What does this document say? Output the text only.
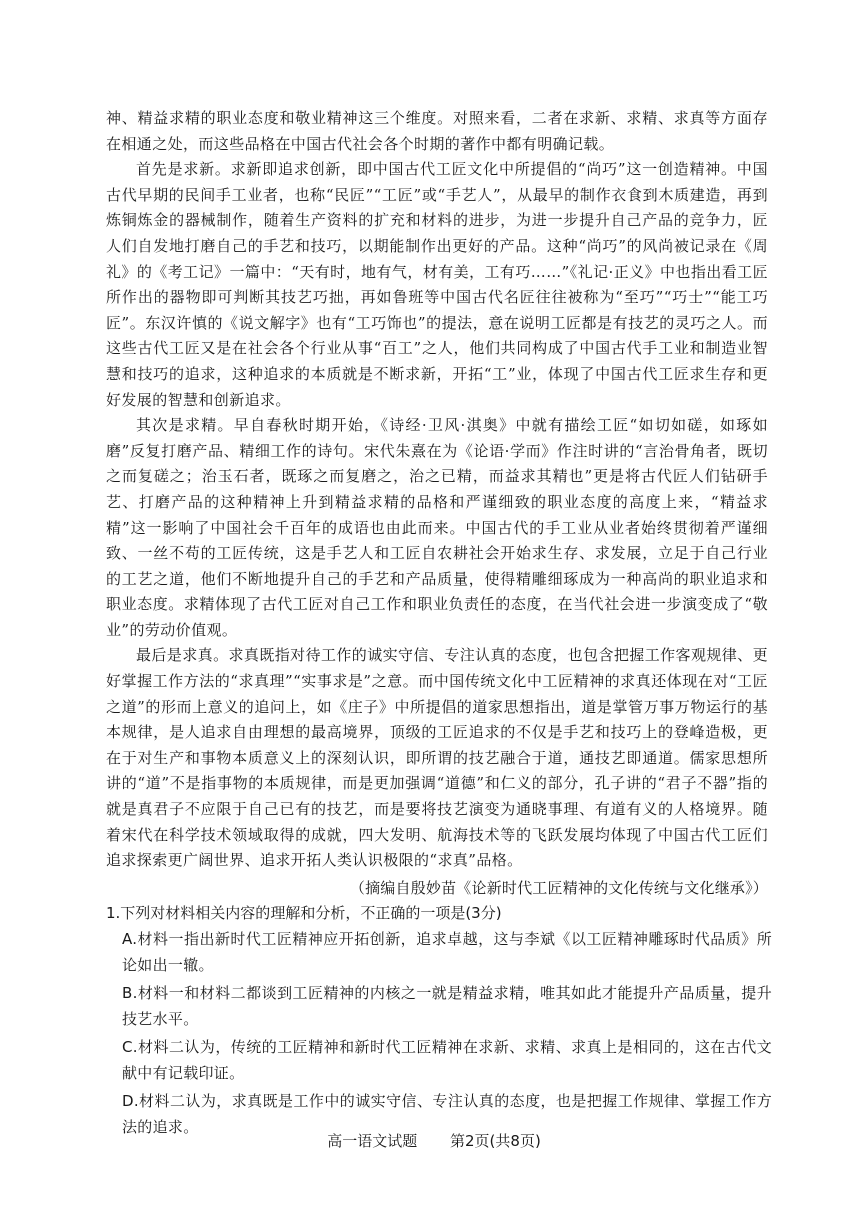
神、精益求精的职业态度和敬业精神这三个维度。对照来看，二者在求新、求精、求真等方面存在相通之处，而这些品格在中国古代社会各个时期的著作中都有明确记载。

首先是求新。求新即追求创新，即中国古代工匠文化中所提倡的“尚巧”这一创造精神。中国古代早期的民间手工业者，也称“民匠”“工匠”或“手艺人”，从最早的制作衣食到木质建造，再到炼铜炼金的器械制作，随着生产资料的扩充和材料的进步，为进一步提升自己产品的竞争力，匠人们自发地打磨自己的手艺和技巧，以期能制作出更好的产品。这种“尚巧”的风尚被记录在《周礼》的《考工记》一篇中：“天有时，地有气，材有美，工有巧……”《礼记·正义》中也指出看工匠所作出的器物即可判断其技艺巧拙，再如鲁班等中国古代名匠往往被称为“至巧”“巧士”“能工巧匠”。东汉许慎的《说文解字》也有“工巧饰也”的提法，意在说明工匠都是有技艺的灵巧之人。而这些古代工匠又是在社会各个行业从事“百工”之人，他们共同构成了中国古代手工业和制造业智慧和技巧的追求，这种追求的本质就是不断求新，开拓“工”业，体现了中国古代工匠求生存和更好发展的智慧和创新追求。

其次是求精。早自春秋时期开始，《诗经·卫风·淇奥》中就有描绘工匠“如切如磋，如琢如磨”反复打磨产品、精细工作的诗句。宋代朱熹在为《论语·学而》作注时讲的“言治骨角者，既切之而复磋之；治玉石者，既琢之而复磨之，治之已精，而益求其精也”更是将古代匠人们钻研手艺、打磨产品的这种精神上升到精益求精的品格和严谨细致的职业态度的高度上来，“精益求精”这一影响了中国社会千百年的成语也由此而来。中国古代的手工业从业者始终贯彻着严谨细致、一丝不苟的工匠传统，这是手艺人和工匠自农耕社会开始求生存、求发展，立足于自己行业的工艺之道，他们不断地提升自己的手艺和产品质量，使得精雕细琢成为一种高尚的职业追求和职业态度。求精体现了古代工匠对自己工作和职业负责任的态度，在当代社会进一步演变成了“敬业”的劳动价值观。

最后是求真。求真既指对待工作的诚实守信、专注认真的态度，也包含把握工作客观规律、更好掌握工作方法的“求真理”“实事求是”之意。而中国传统文化中工匠精神的求真还体现在对“工匠之道”的形而上意义的追问上，如《庄子》中所提倡的道家思想指出，道是掌管万事万物运行的基本规律，是人追求自由理想的最高境界，顶级的工匠追求的不仅是手艺和技巧上的登峰造极，更在于对生产和事物本质意义上的深刻认识，即所谓的技艺融合于道，通技艺即通道。儒家思想所讲的“道”不是指事物的本质规律，而是更加强调“道德”和仁义的部分，孔子讲的“君子不器”指的就是真君子不应限于自己已有的技艺，而是要将技艺演变为通晓事理、有道有义的人格境界。随着宋代在科学技术领域取得的成就，四大发明、航海技术等的飞跃发展均体现了中国古代工匠们追求探索更广阔世界、追求开拓人类认识极限的“求真”品格。

（摘编自殷妙苗《论新时代工匠精神的文化传统与文化继承》）

1.下列对材料相关内容的理解和分析，不正确的一项是(3分)

A.材料一指出新时代工匠精神应开拓创新，追求卓越，这与李斌《以工匠精神雕琢时代品质》所论如出一辙。

B.材料一和材料二都谈到工匠精神的内核之一就是精益求精，唯其如此才能提升产品质量，提升技艺水平。

C.材料二认为，传统的工匠精神和新时代工匠精神在求新、求精、求真上是相同的，这在古代文献中有记载印证。

D.材料二认为，求真既是工作中的诚实守信、专注认真的态度，也是把握工作规律、掌握工作方法的追求。

高一语文试题 第2页(共8页)
